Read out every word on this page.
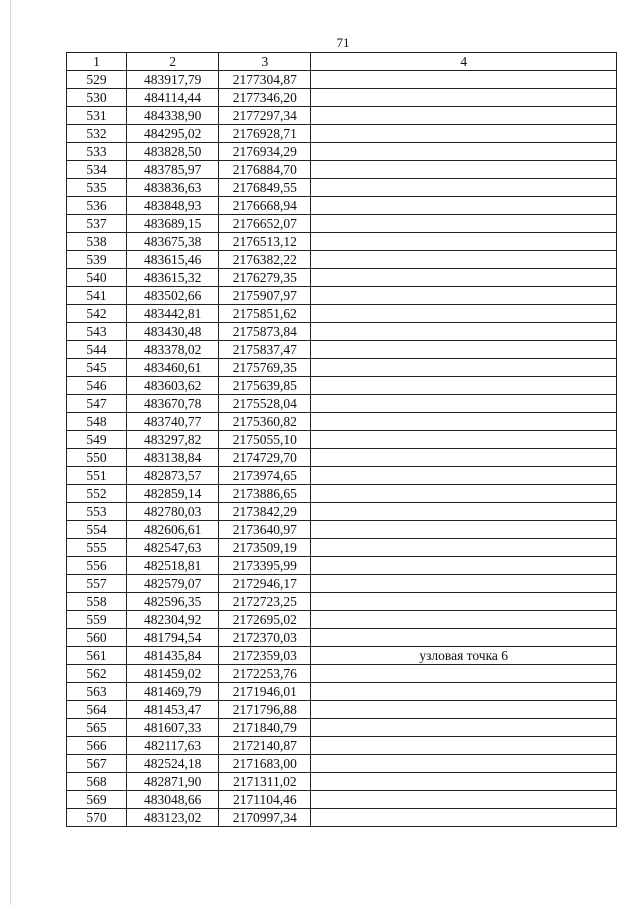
71
1	2	3	4
529	483917,79	2177304,87	
530	484114,44	2177346,20	
531	484338,90	2177297,34	
532	484295,02	2176928,71	
533	483828,50	2176934,29	
534	483785,97	2176884,70	
535	483836,63	2176849,55	
536	483848,93	2176668,94	
537	483689,15	2176652,07	
538	483675,38	2176513,12	
539	483615,46	2176382,22	
540	483615,32	2176279,35	
541	483502,66	2175907,97	
542	483442,81	2175851,62	
543	483430,48	2175873,84	
544	483378,02	2175837,47	
545	483460,61	2175769,35	
546	483603,62	2175639,85	
547	483670,78	2175528,04	
548	483740,77	2175360,82	
549	483297,82	2175055,10	
550	483138,84	2174729,70	
551	482873,57	2173974,65	
552	482859,14	2173886,65	
553	482780,03	2173842,29	
554	482606,61	2173640,97	
555	482547,63	2173509,19	
556	482518,81	2173395,99	
557	482579,07	2172946,17	
558	482596,35	2172723,25	
559	482304,92	2172695,02	
560	481794,54	2172370,03	
561	481435,84	2172359,03	узловая точка 6
562	481459,02	2172253,76	
563	481469,79	2171946,01	
564	481453,47	2171796,88	
565	481607,33	2171840,79	
566	482117,63	2172140,87	
567	482524,18	2171683,00	
568	482871,90	2171311,02	
569	483048,66	2171104,46	
570	483123,02	2170997,34	
